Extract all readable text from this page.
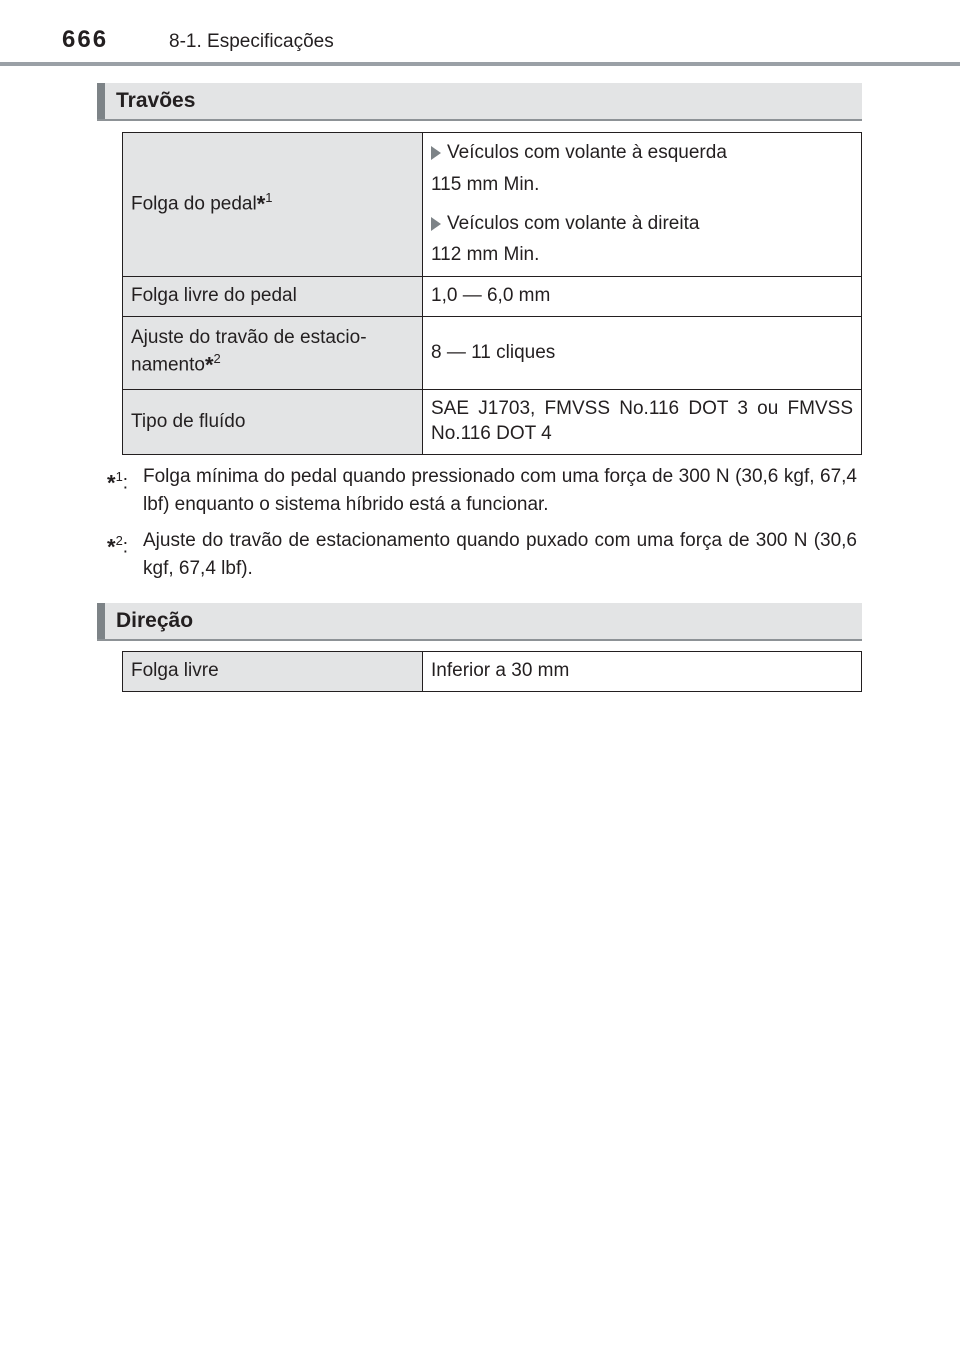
666	8-1. Especificações
Travões
Folga do pedal*$^1$	Veículos com volante à esquerda

115 mm Min.

Veículos com volante à direita

112 mm Min.

Folga livre do pedal	1,0 — 6,0 mm

Ajuste do travão de estacio-
namento*$^2$	8 — 11 cliques
Tipo de fluído	SAE J1703, FMVSS No.116 DOT 3 ou FMVSS No.116 DOT 4

*$^1$: Folga mínima do pedal quando pressionado com uma força de 300 N (30,6 kgf, 67,4 lbf) enquanto o sistema híbrido está a funcionar.

*$^2$: Ajuste do travão de estacionamento quando puxado com uma força de 300 N (30,6 kgf, 67,4 lbf).

Direção
Folga livre	Inferior a 30 mm
